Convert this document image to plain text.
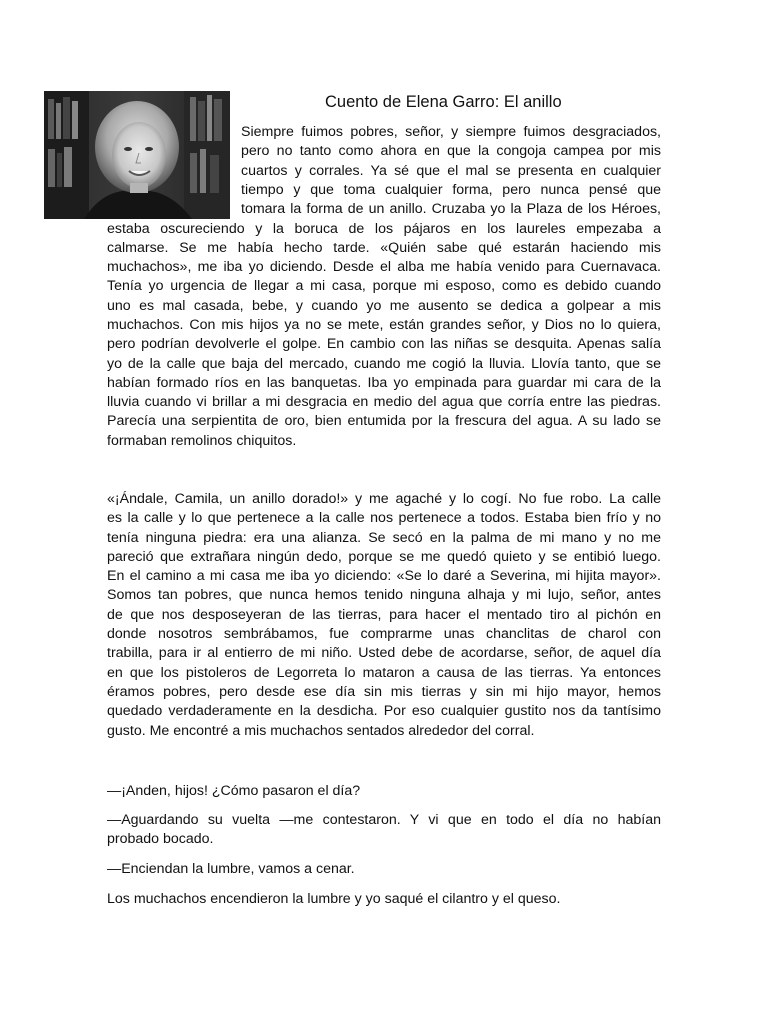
Cuento de Elena Garro: El anillo
Siempre fuimos pobres, señor, y siempre fuimos desgraciados,
pero no tanto como ahora en que la congoja campea por mis
cuartos y corrales. Ya sé que el mal se presenta en cualquier
tiempo y que toma cualquier forma, pero nunca pensé que
tomara la forma de un anillo. Cruzaba yo la Plaza de los Héroes,
estaba oscureciendo y la boruca de los pájaros en los laureles empezaba a
calmarse. Se me había hecho tarde. «Quién sabe qué estarán haciendo mis
muchachos», me iba yo diciendo. Desde el alba me había venido para Cuernavaca.
Tenía yo urgencia de llegar a mi casa, porque mi esposo, como es debido cuando
uno es mal casada, bebe, y cuando yo me ausento se dedica a golpear a mis
muchachos. Con mis hijos ya no se mete, están grandes señor, y Dios no lo quiera,
pero podrían devolverle el golpe. En cambio con las niñas se desquita. Apenas salía
yo de la calle que baja del mercado, cuando me cogió la lluvia. Llovía tanto, que se
habían formado ríos en las banquetas. Iba yo empinada para guardar mi cara de la
lluvia cuando vi brillar a mi desgracia en medio del agua que corría entre las piedras.
Parecía una serpientita de oro, bien entumida por la frescura del agua. A su lado se
formaban remolinos chiquitos.
«¡Ándale, Camila, un anillo dorado!» y me agaché y lo cogí. No fue robo. La calle
es la calle y lo que pertenece a la calle nos pertenece a todos. Estaba bien frío y no
tenía ninguna piedra: era una alianza. Se secó en la palma de mi mano y no me
pareció que extrañara ningún dedo, porque se me quedó quieto y se entibió luego.
En el camino a mi casa me iba yo diciendo: «Se lo daré a Severina, mi hijita mayor».
Somos tan pobres, que nunca hemos tenido ninguna alhaja y mi lujo, señor, antes
de que nos desposeyeran de las tierras, para hacer el mentado tiro al pichón en
donde nosotros sembrábamos, fue comprarme unas chanclitas de charol con
trabilla, para ir al entierro de mi niño. Usted debe de acordarse, señor, de aquel día
en que los pistoleros de Legorreta lo mataron a causa de las tierras. Ya entonces
éramos pobres, pero desde ese día sin mis tierras y sin mi hijo mayor, hemos
quedado verdaderamente en la desdicha. Por eso cualquier gustito nos da tantísimo
gusto. Me encontré a mis muchachos sentados alrededor del corral.
—¡Anden, hijos! ¿Cómo pasaron el día?
—Aguardando su vuelta —me contestaron. Y vi que en todo el día no habían
probado bocado.
—Enciendan la lumbre, vamos a cenar.
Los muchachos encendieron la lumbre y yo saqué el cilantro y el queso.
